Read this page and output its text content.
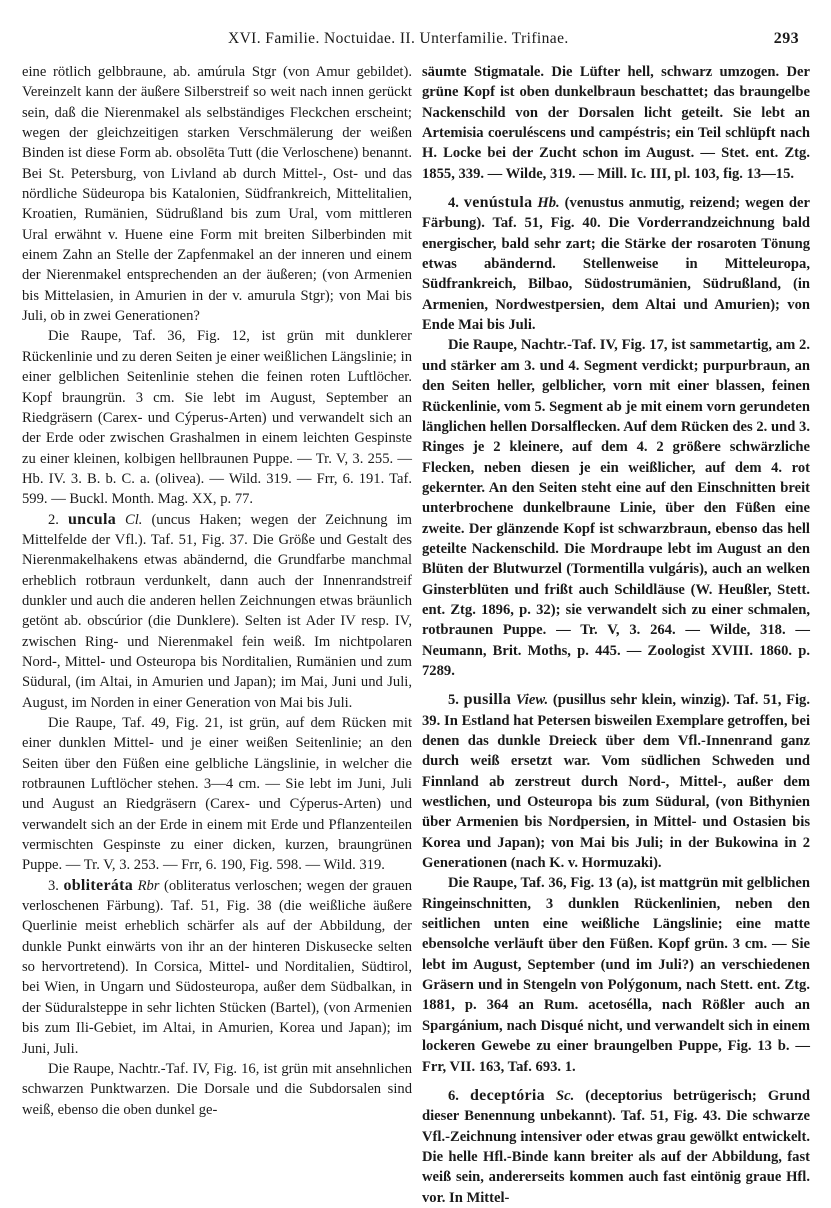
XVI. Familie. Noctuidae. II. Unterfamilie. Trifinae.	293

eine rötlich gelbbraune, ab. amúrula Stgr (von Amur gebildet). Vereinzelt kann der äußere Silberstreif so weit nach innen gerückt sein, daß die Nierenmakel als selbständiges Fleckchen erscheint; wegen der gleichzeitigen starken Verschmälerung der weißen Binden ist diese Form ab. obsolēta Tutt (die Verloschene) benannt. Bei St. Petersburg, von Livland ab durch Mittel-, Ost- und das nördliche Südeuropa bis Katalonien, Südfrankreich, Mittelitalien, Kroatien, Rumänien, Südrußland bis zum Ural, vom mittleren Ural erwähnt v. Huene eine Form mit breiten Silberbinden mit einem Zahn an Stelle der Zapfenmakel an der inneren und einem der Nierenmakel entsprechenden an der äußeren; (von Armenien bis Mittelasien, in Amurien in der v. amurula Stgr); von Mai bis Juli, ob in zwei Generationen?

Die Raupe, Taf. 36, Fig. 12, ist grün mit dunklerer Rückenlinie und zu deren Seiten je einer weißlichen Längslinie; in einer gelblichen Seitenlinie stehen die feinen roten Luftlöcher. Kopf braungrün. 3 cm. Sie lebt im August, September an Riedgräsern (Carex- und Cýperus-Arten) und verwandelt sich an der Erde oder zwischen Grashalmen in einem leichten Gespinste zu einer kleinen, kolbigen hellbraunen Puppe. — Tr. V, 3. 255. — Hb. IV. 3. B. b. C. a. (olivea). — Wild. 319. — Frr, 6. 191. Taf. 599. — Buckl. Month. Mag. XX, p. 77.

2. uncula Cl. (uncus Haken; wegen der Zeichnung im Mittelfelde der Vfl.). Taf. 51, Fig. 37. Die Größe und Gestalt des Nierenmakelhakens etwas abändernd, die Grundfarbe manchmal erheblich rotbraun verdunkelt, dann auch der Innenrandstreif dunkler und auch die anderen hellen Zeichnungen etwas bräunlich getönt ab. obscúrior (die Dunklere). Selten ist Ader IV resp. IV, zwischen Ring- und Nierenmakel fein weiß. Im nichtpolaren Nord-, Mittel- und Osteuropa bis Norditalien, Rumänien und zum Südural, (im Altai, in Amurien und Japan); im Mai, Juni und Juli, August, im Norden in einer Generation von Mai bis Juli.

Die Raupe, Taf. 49, Fig. 21, ist grün, auf dem Rücken mit einer dunklen Mittel- und je einer weißen Seitenlinie; an den Seiten über den Füßen eine gelbliche Längslinie, in welcher die rotbraunen Luftlöcher stehen. 3—4 cm. — Sie lebt im Juni, Juli und August an Riedgräsern (Carex- und Cýperus-Arten) und verwandelt sich an der Erde in einem mit Erde und Pflanzenteilen vermischten Gespinste zu einer dicken, kurzen, braungrünen Puppe. — Tr. V, 3. 253. — Frr, 6. 190, Fig. 598. — Wild. 319.

3. obliteráta Rbr (obliteratus verloschen; wegen der grauen verloschenen Färbung). Taf. 51, Fig. 38 (die weißliche äußere Querlinie meist erheblich schärfer als auf der Abbildung, der dunkle Punkt einwärts von ihr an der hinteren Diskusecke selten so hervortretend). In Corsica, Mittel- und Norditalien, Südtirol, bei Wien, in Ungarn und Südosteuropa, außer dem Südbalkan, in der Süduralsteppe in sehr lichten Stücken (Bartel), (von Armenien bis zum Ili-Gebiet, im Altai, in Amurien, Korea und Japan); im Juni, Juli.

Die Raupe, Nachtr.-Taf. IV, Fig. 16, ist grün mit ansehnlichen schwarzen Punktwarzen. Die Dorsale und die Subdorsalen sind weiß, ebenso die oben dunkel ge-

säumte Stigmatale. Die Lüfter hell, schwarz umzogen. Der grüne Kopf ist oben dunkelbraun beschattet; das braungelbe Nackenschild von der Dorsalen licht geteilt. Sie lebt an Artemisia coeruléscens und campéstris; ein Teil schlüpft nach H. Locke bei der Zucht schon im August. — Stet. ent. Ztg. 1855, 339. — Wilde, 319. — Mill. Ic. III, pl. 103, fig. 13—15.

4. venústula Hb. (venustus anmutig, reizend; wegen der Färbung). Taf. 51, Fig. 40. Die Vorderrandzeichnung bald energischer, bald sehr zart; die Stärke der rosaroten Tönung etwas abändernd. Stellenweise in Mitteleuropa, Südfrankreich, Bilbao, Südostrumänien, Südrußland, (in Armenien, Nordwestpersien, dem Altai und Amurien); von Ende Mai bis Juli.

Die Raupe, Nachtr.-Taf. IV, Fig. 17, ist sammetartig, am 2. und stärker am 3. und 4. Segment verdickt; purpurbraun, an den Seiten heller, gelblicher, vorn mit einer blassen, feinen Rückenlinie, vom 5. Segment ab je mit einem vorn gerundeten länglichen hellen Dorsalflecken. Auf dem Rücken des 2. und 3. Ringes je 2 kleinere, auf dem 4. 2 größere schwärzliche Flecken, neben diesen je ein weißlicher, auf dem 4. rot gekernter. An den Seiten steht eine auf den Einschnitten breit unterbrochene dunkelbraune Linie, über den Füßen eine zweite. Der glänzende Kopf ist schwarzbraun, ebenso das hell geteilte Nackenschild. Die Mordraupe lebt im August an den Blüten der Blutwurzel (Tormentilla vulgáris), auch an welken Ginsterblüten und frißt auch Schildläuse (W. Heußler, Stett. ent. Ztg. 1896, p. 32); sie verwandelt sich zu einer schmalen, rotbraunen Puppe. — Tr. V, 3. 264. — Wilde, 318. — Neumann, Brit. Moths, p. 445. — Zoologist XVIII. 1860. p. 7289.

5. pusilla View. (pusillus sehr klein, winzig). Taf. 51, Fig. 39. In Estland hat Petersen bisweilen Exemplare getroffen, bei denen das dunkle Dreieck über dem Vfl.-Innenrand ganz durch weiß ersetzt war. Vom südlichen Schweden und Finnland ab zerstreut durch Nord-, Mittel-, außer dem westlichen, und Osteuropa bis zum Südural, (von Bithynien über Armenien bis Nordpersien, in Mittel- und Ostasien bis Korea und Japan); von Mai bis Juli; in der Bukowina in 2 Generationen (nach K. v. Hormuzaki).

Die Raupe, Taf. 36, Fig. 13 (a), ist mattgrün mit gelblichen Ringeinschnitten, 3 dunklen Rückenlinien, neben den seitlichen unten eine weißliche Längslinie; eine matte ebensolche verläuft über den Füßen. Kopf grün. 3 cm. — Sie lebt im August, September (und im Juli?) an verschiedenen Gräsern und in Stengeln von Polýgonum, nach Stett. ent. Ztg. 1881, p. 364 an Rum. acetosélla, nach Rößler auch an Spargánium, nach Disqué nicht, und verwandelt sich in einem lockeren Gewebe zu einer braungelben Puppe, Fig. 13 b. — Frr, VII. 163, Taf. 693. 1.

6. deceptória Sc. (deceptorius betrügerisch; Grund dieser Benennung unbekannt). Taf. 51, Fig. 43. Die schwarze Vfl.-Zeichnung intensiver oder etwas grau gewölkt entwickelt. Die helle Hfl.-Binde kann breiter als auf der Abbildung, fast weiß sein, andererseits kommen auch fast eintönig graue Hfl. vor. In Mittel-
